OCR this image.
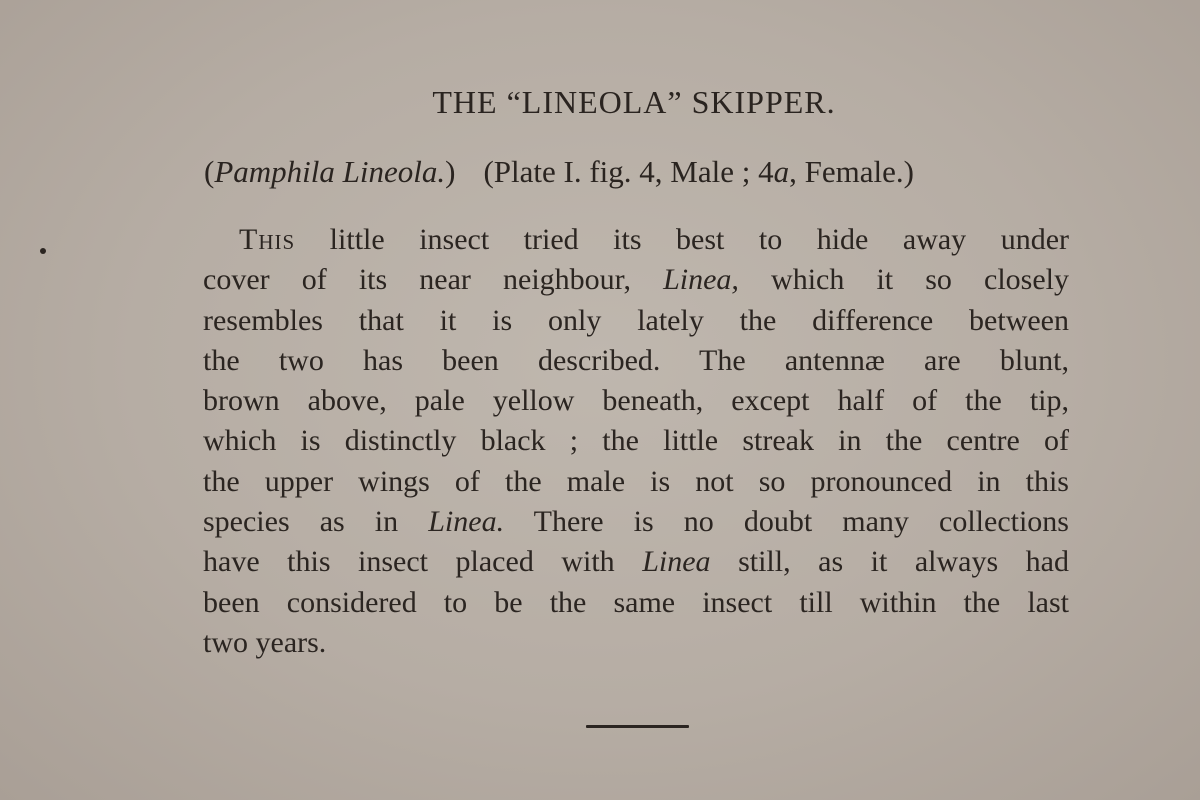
THE “LINEOLA” SKIPPER.
(Pamphila Lineola.) (Plate I. fig. 4, Male ; 4a, Female.)
This little insect tried its best to hide away under
cover of its near neighbour, Linea, which it so closely
resembles that it is only lately the difference between
the two has been described. The antennæ are blunt,
brown above, pale yellow beneath, except half of the tip,
which is distinctly black ; the little streak in the centre of
the upper wings of the male is not so pronounced in this
species as in Linea. There is no doubt many collections
have this insect placed with Linea still, as it always had
been considered to be the same insect till within the last
two years.
